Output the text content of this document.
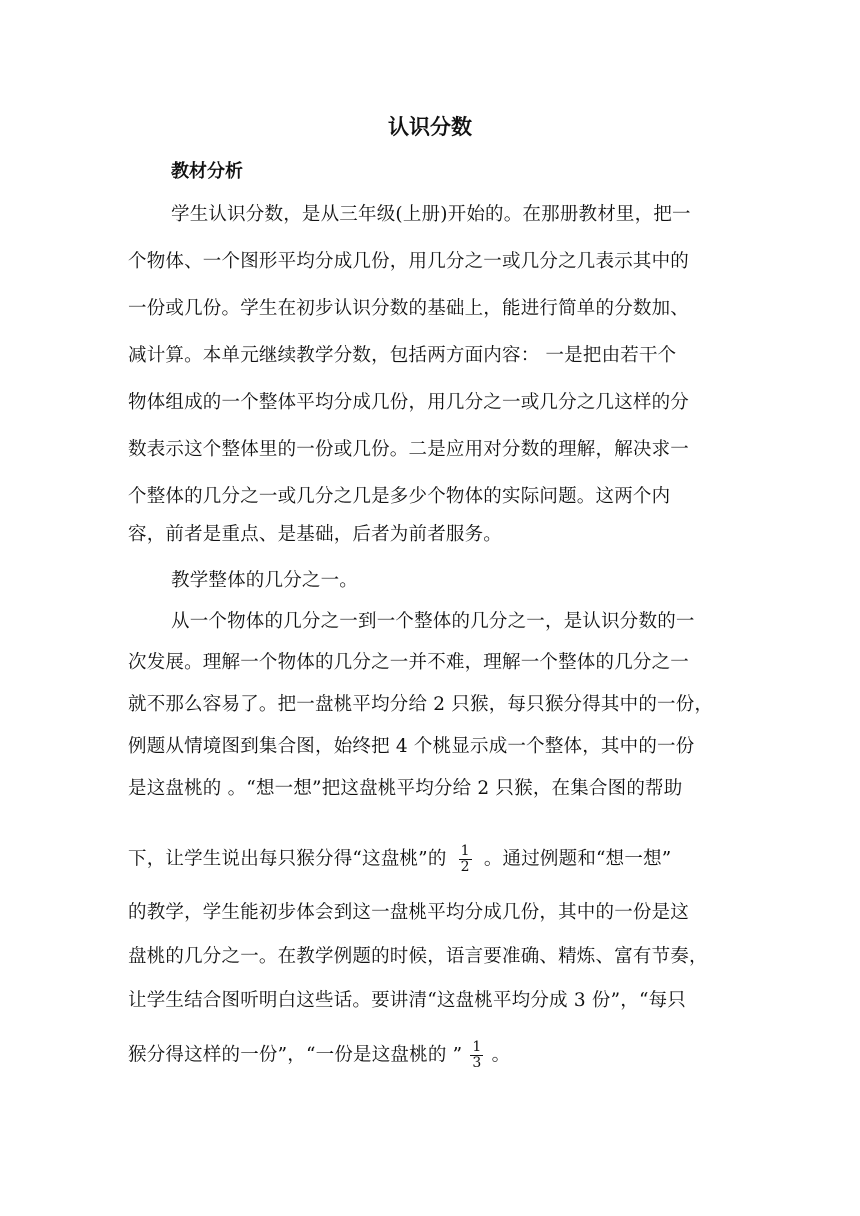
认识分数
教材分析
学生认识分数，是从三年级(上册)开始的。在那册教材里，把一
个物体、一个图形平均分成几份，用几分之一或几分之几表示其中的
一份或几份。学生在初步认识分数的基础上，能进行简单的分数加、
减计算。本单元继续教学分数，包括两方面内容： 一是把由若干个
物体组成的一个整体平均分成几份，用几分之一或几分之几这样的分
数表示这个整体里的一份或几份。二是应用对分数的理解，解决求一
个整体的几分之一或几分之几是多少个物体的实际问题。这两个内
容，前者是重点、是基础，后者为前者服务。
教学整体的几分之一。
从一个物体的几分之一到一个整体的几分之一，是认识分数的一
次发展。理解一个物体的几分之一并不难，理解一个整体的几分之一
就不那么容易了。把一盘桃平均分给 2 只猴，每只猴分得其中的一份，
例题从情境图到集合图，始终把 4 个桃显示成一个整体，其中的一份
是这盘桃的 。“想一想”把这盘桃平均分给 2 只猴，在集合图的帮助
下，让学生说出每只猴分得“这盘桃”的 $\frac{1}{2}$ 。通过例题和“想一想”
的教学，学生能初步体会到这一盘桃平均分成几份，其中的一份是这
盘桃的几分之一。在教学例题的时候，语言要准确、精炼、富有节奏，
让学生结合图听明白这些话。要讲清“这盘桃平均分成 3 份”，“每只
猴分得这样的一份”，“一份是这盘桃的 ” $\frac{1}{3}$ 。
